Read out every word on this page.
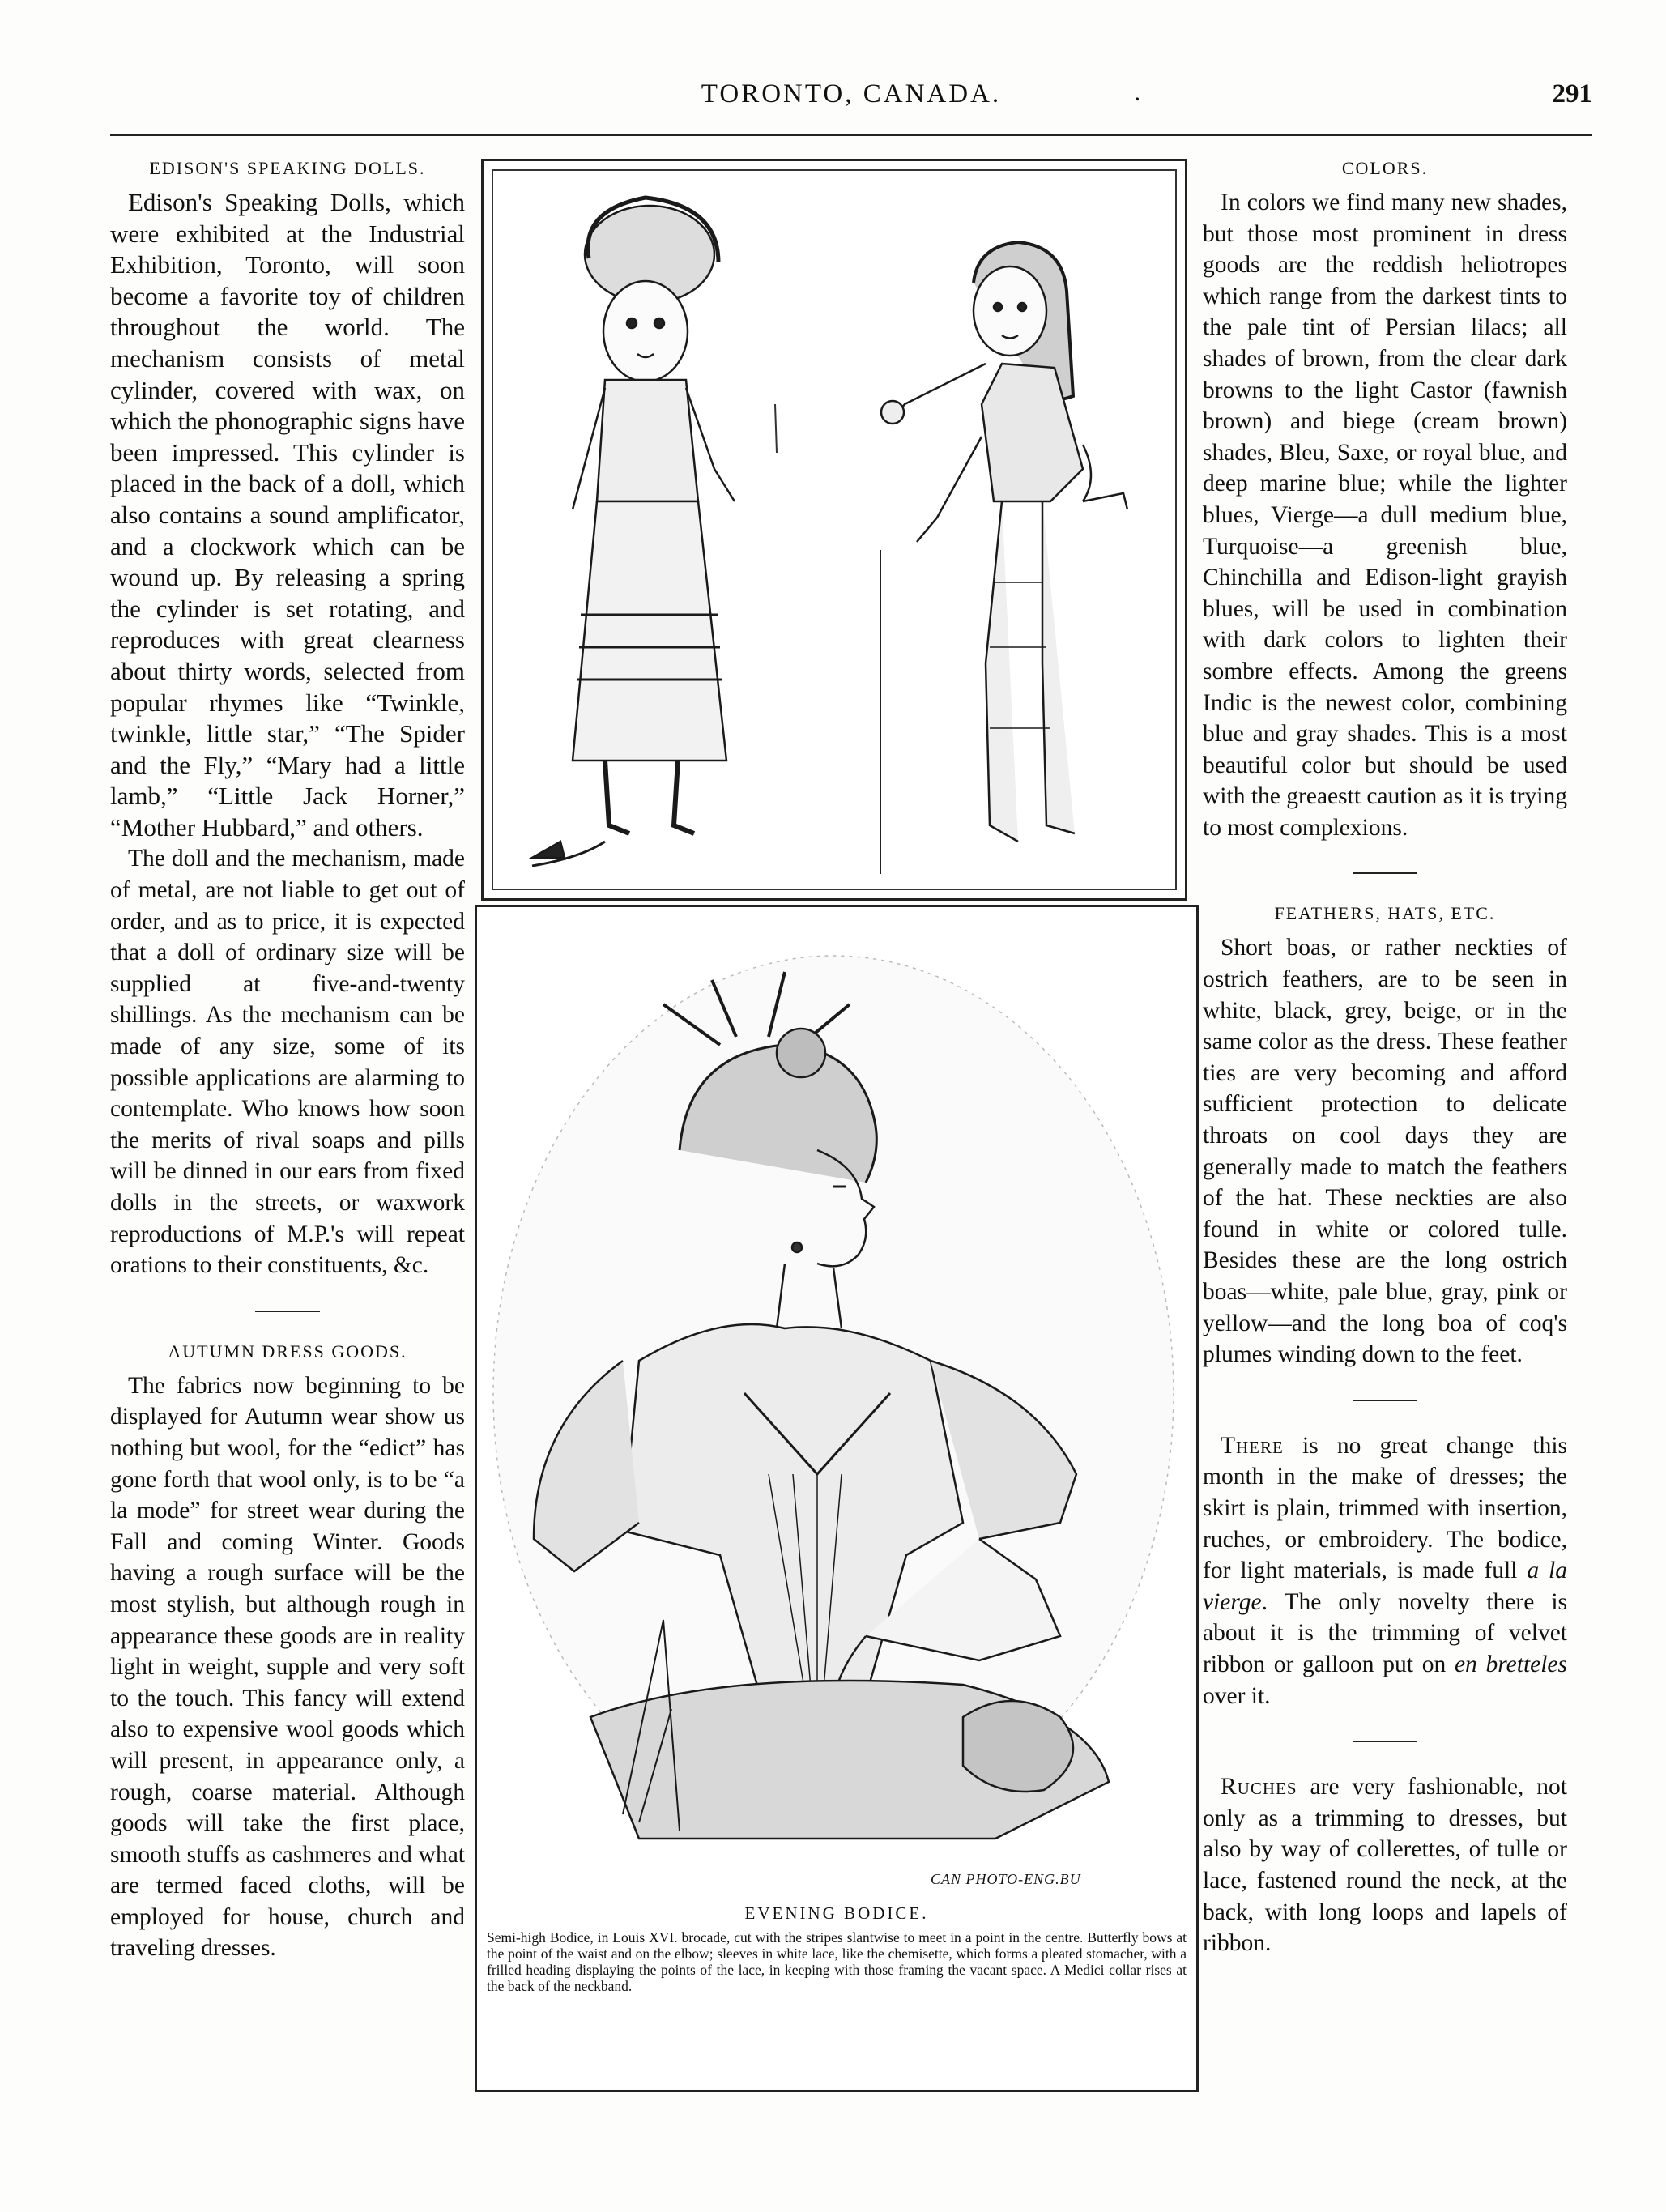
TORONTO, CANADA.	.	291
EDISON'S SPEAKING DOLLS.

Edison's Speaking Dolls, which were exhibited at the Industrial Exhibition, Toronto, will soon become a favorite toy of children throughout the world. The mechanism consists of metal cylinder, covered with wax, on which the phonographic signs have been impressed. This cylinder is placed in the back of a doll, which also contains a sound amplificator, and a clockwork which can be wound up. By releasing a spring the cylinder is set rotating, and reproduces with great clearness about thirty words, selected from popular rhymes like “Twinkle, twinkle, little star,” “The Spider and the Fly,” “Mary had a little lamb,” “Little Jack Horner,” “Mother Hubbard,” and others.

The doll and the mechanism, made of metal, are not liable to get out of order, and as to price, it is expected that a doll of ordinary size will be supplied at five-and-twenty shillings. As the mechanism can be made of any size, some of its possible applications are alarming to contemplate. Who knows how soon the merits of rival soaps and pills will be dinned in our ears from fixed dolls in the streets, or waxwork reproductions of M.P.'s will repeat orations to their constituents, &c.

AUTUMN DRESS GOODS.

The fabrics now beginning to be displayed for Autumn wear show us nothing but wool, for the “edict” has gone forth that wool only, is to be “a la mode” for street wear during the Fall and coming Winter. Goods having a rough surface will be the most stylish, but although rough in appearance these goods are in reality light in weight, supple and very soft to the touch. This fancy will extend also to expensive wool goods which will present, in appearance only, a rough, coarse material. Although goods will take the first place, smooth stuffs as cashmeres and what are termed faced cloths, will be employed for house, church and traveling dresses.

CAN PHOTO-ENG.BU
EVENING BODICE.
Semi-high Bodice, in Louis XVI. brocade, cut with the stripes slantwise to meet in a point in the centre. Butterfly bows at the point of the waist and on the elbow; sleeves in white lace, like the chemisette, which forms a pleated stomacher, with a frilled heading displaying the points of the lace, in keeping with those framing the vacant space. A Medici collar rises at the back of the neckband.
COLORS.

In colors we find many new shades, but those most prominent in dress goods are the reddish heliotropes which range from the darkest tints to the pale tint of Persian lilacs; all shades of brown, from the clear dark browns to the light Castor (fawnish brown) and biege (cream brown) shades, Bleu, Saxe, or royal blue, and deep marine blue; while the lighter blues, Vierge—a dull medium blue, Turquoise—a greenish blue, Chinchilla and Edison-light grayish blues, will be used in combination with dark colors to lighten their sombre effects. Among the greens Indic is the newest color, combining blue and gray shades. This is a most beautiful color but should be used with the greaestt caution as it is trying to most complexions.

FEATHERS, HATS, ETC.

Short boas, or rather neckties of ostrich feathers, are to be seen in white, black, grey, beige, or in the same color as the dress. These feather ties are very becoming and afford sufficient protection to delicate throats on cool days they are generally made to match the feathers of the hat. These neckties are also found in white or colored tulle. Besides these are the long ostrich boas—white, pale blue, gray, pink or yellow—and the long boa of coq's plumes winding down to the feet.

There is no great change this month in the make of dresses; the skirt is plain, trimmed with insertion, ruches, or embroidery. The bodice, for light materials, is made full a la vierge. The only novelty there is about it is the trimming of velvet ribbon or galloon put on en bretteles over it.

Ruches are very fashionable, not only as a trimming to dresses, but also by way of collerettes, of tulle or lace, fastened round the neck, at the back, with long loops and lapels of ribbon.
